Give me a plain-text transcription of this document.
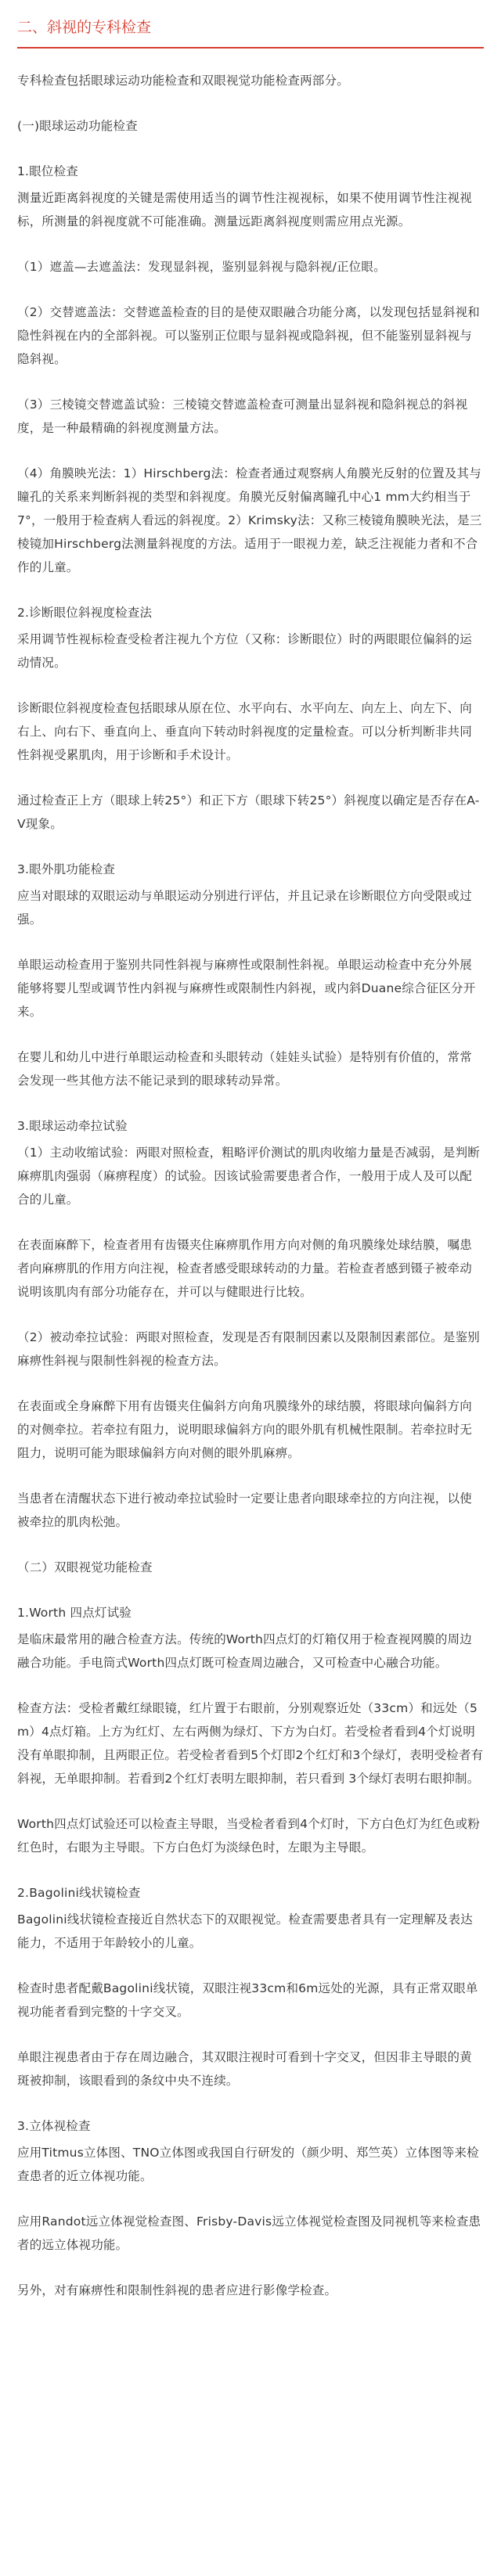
二、斜视的专科检查

专科检查包括眼球运动功能检查和双眼视觉功能检查两部分。

(一)眼球运动功能检查

1.眼位检查

测量近距离斜视度的关键是需使用适当的调节性注视视标，如果不使用调节性注视视标，所测量的斜视度就不可能准确。测量远距离斜视度则需应用点光源。

（1）遮盖—去遮盖法：发现显斜视，鉴别显斜视与隐斜视/正位眼。

（2）交替遮盖法：交替遮盖检查的目的是使双眼融合功能分离，以发现包括显斜视和隐性斜视在内的全部斜视。可以鉴别正位眼与显斜视或隐斜视，但不能鉴别显斜视与隐斜视。

（3）三棱镜交替遮盖试验：三棱镜交替遮盖检查可测量出显斜视和隐斜视总的斜视度，是一种最精确的斜视度测量方法。

（4）角膜映光法：1）Hirschberg法：检查者通过观察病人角膜光反射的位置及其与瞳孔的关系来判断斜视的类型和斜视度。角膜光反射偏离瞳孔中心1 mm大约相当于7°，一般用于检查病人看远的斜视度。2）Krimsky法：又称三棱镜角膜映光法，是三棱镜加Hirschberg法测量斜视度的方法。适用于一眼视力差，缺乏注视能力者和不合作的儿童。

2.诊断眼位斜视度检查法

采用调节性视标检查受检者注视九个方位（又称：诊断眼位）时的两眼眼位偏斜的运动情况。

诊断眼位斜视度检查包括眼球从原在位、水平向右、水平向左、向左上、向左下、向右上、向右下、垂直向上、垂直向下转动时斜视度的定量检查。可以分析判断非共同性斜视受累肌肉，用于诊断和手术设计。

通过检查正上方（眼球上转25°）和正下方（眼球下转25°）斜视度以确定是否存在A-V现象。

3.眼外肌功能检查

应当对眼球的双眼运动与单眼运动分别进行评估，并且记录在诊断眼位方向受限或过强。

单眼运动检查用于鉴别共同性斜视与麻痹性或限制性斜视。单眼运动检查中充分外展能够将婴儿型或调节性内斜视与麻痹性或限制性内斜视，或内斜Duane综合征区分开来。

在婴儿和幼儿中进行单眼运动检查和头眼转动（娃娃头试验）是特别有价值的，常常会发现一些其他方法不能记录到的眼球转动异常。

3.眼球运动牵拉试验

（1）主动收缩试验：两眼对照检查，粗略评价测试的肌肉收缩力量是否减弱，是判断麻痹肌肉强弱（麻痹程度）的试验。因该试验需要患者合作，一般用于成人及可以配合的儿童。

在表面麻醉下，检查者用有齿镊夹住麻痹肌作用方向对侧的角巩膜缘处球结膜，嘱患者向麻痹肌的作用方向注视，检查者感受眼球转动的力量。若检查者感到镊子被牵动说明该肌肉有部分功能存在，并可以与健眼进行比较。

（2）被动牵拉试验：两眼对照检查，发现是否有限制因素以及限制因素部位。是鉴别麻痹性斜视与限制性斜视的检查方法。

在表面或全身麻醉下用有齿镊夹住偏斜方向角巩膜缘外的球结膜，将眼球向偏斜方向的对侧牵拉。若牵拉有阻力，说明眼球偏斜方向的眼外肌有机械性限制。若牵拉时无阻力，说明可能为眼球偏斜方向对侧的眼外肌麻痹。

当患者在清醒状态下进行被动牵拉试验时一定要让患者向眼球牵拉的方向注视，以使被牵拉的肌肉松弛。

（二）双眼视觉功能检查

1.Worth 四点灯试验

是临床最常用的融合检查方法。传统的Worth四点灯的灯箱仅用于检查视网膜的周边融合功能。手电筒式Worth四点灯既可检查周边融合，又可检查中心融合功能。

检查方法：受检者戴红绿眼镜，红片置于右眼前，分别观察近处（33cm）和远处（5m）4点灯箱。上方为红灯、左右两侧为绿灯、下方为白灯。若受检者看到4个灯说明没有单眼抑制，且两眼正位。若受检者看到5个灯即2个红灯和3个绿灯，表明受检者有斜视，无单眼抑制。若看到2个红灯表明左眼抑制，若只看到 3个绿灯表明右眼抑制。

Worth四点灯试验还可以检查主导眼，当受检者看到4个灯时，下方白色灯为红色或粉红色时，右眼为主导眼。下方白色灯为淡绿色时，左眼为主导眼。

2.Bagolini线状镜检查

Bagolini线状镜检查接近自然状态下的双眼视觉。检查需要患者具有一定理解及表达能力，不适用于年龄较小的儿童。

检查时患者配戴Bagolini线状镜，双眼注视33cm和6m远处的光源，具有正常双眼单视功能者看到完整的十字交叉。

单眼注视患者由于存在周边融合，其双眼注视时可看到十字交叉，但因非主导眼的黄斑被抑制，该眼看到的条纹中央不连续。

3.立体视检查

应用Titmus立体图、TNO立体图或我国自行研发的（颜少明、郑竺英）立体图等来检查患者的近立体视功能。

应用Randot远立体视觉检查图、Frisby-Davis远立体视觉检查图及同视机等来检查患者的远立体视功能。

另外，对有麻痹性和限制性斜视的患者应进行影像学检查。
